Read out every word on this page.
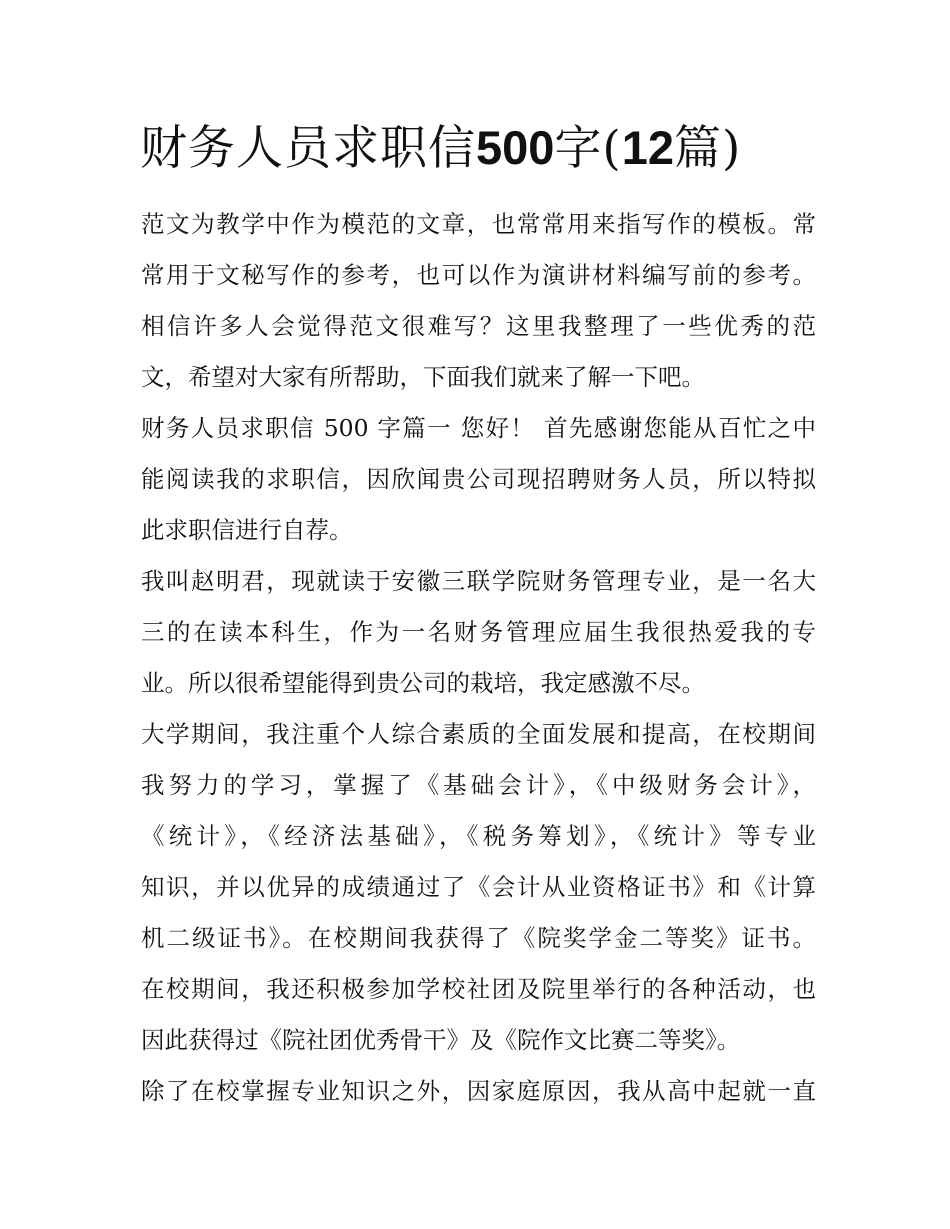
财务人员求职信500字(12篇)
范文为教学中作为模范的文章，也常常用来指写作的模板。常
常用于文秘写作的参考，也可以作为演讲材料编写前的参考。
相信许多人会觉得范文很难写？这里我整理了一些优秀的范
文，希望对大家有所帮助，下面我们就来了解一下吧。
财务人员求职信 500 字篇一 您好！ 首先感谢您能从百忙之中
能阅读我的求职信，因欣闻贵公司现招聘财务人员，所以特拟
此求职信进行自荐。
我叫赵明君，现就读于安徽三联学院财务管理专业，是一名大
三的在读本科生，作为一名财务管理应届生我很热爱我的专
业。所以很希望能得到贵公司的栽培，我定感激不尽。
大学期间，我注重个人综合素质的全面发展和提高，在校期间
我努力的学习，掌握了《基础会计》，《中级财务会计》，
《统计》，《经济法基础》，《税务筹划》，《统计》等专业
知识，并以优异的成绩通过了《会计从业资格证书》和《计算
机二级证书》。在校期间我获得了《院奖学金二等奖》证书。
在校期间，我还积极参加学校社团及院里举行的各种活动，也
因此获得过《院社团优秀骨干》及《院作文比赛二等奖》。
除了在校掌握专业知识之外，因家庭原因，我从高中起就一直
